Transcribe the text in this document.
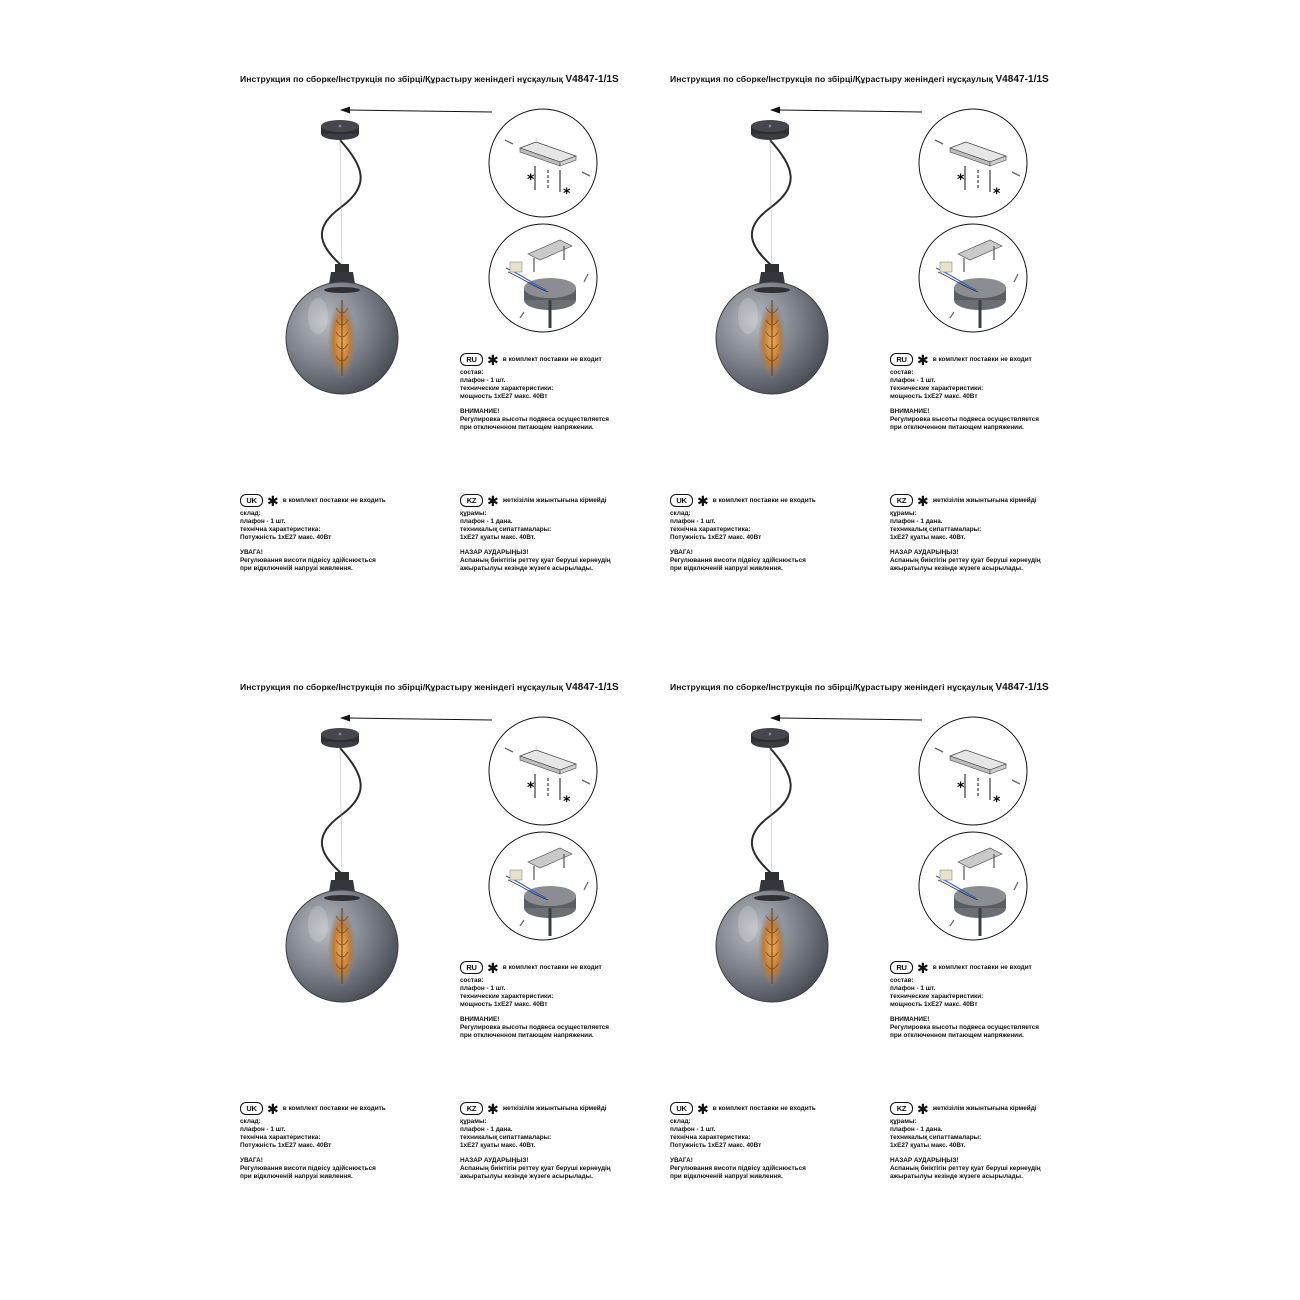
Инструкция по сборке/Інструкція по збірці/Құрастыру женіндегі нұсқаулық V4847-1/1S
*
*
RU ✱ в комплект поставки не входит
состав:
плафон - 1 шт.
технические характеристики:
мощность 1хЕ27 макс. 40Вт
ВНИМАНИЕ!
Регулировка высоты подвеса осуществляется
при отключенном питающем напряжении.
UK ✱ в комплект поставки не входить
склад:
плафон - 1 шт.
технічна характеристика:
Потужність 1хЕ27 макс. 40Вт
УВАГА!
Регулювання висоти підвісу здійснюється
при відключеній напрузі живлення.
KZ ✱ жеткізілім жиынтығына кірмейді
құрамы:
плафон - 1 дана.
техникалық сипаттамалары:
1хЕ27 қуаты макс. 40Вт.
НАЗАР АУДАРЫҢЫЗ!
Аспаның биіктігін реттеу қуат беруші кернеудің
ажыратылуы кезінде жүзеге асырылады.
Инструкция по сборке/Інструкція по збірці/Құрастыру женіндегі нұсқаулық V4847-1/1S
*
*
RU ✱ в комплект поставки не входит
состав:
плафон - 1 шт.
технические характеристики:
мощность 1хЕ27 макс. 40Вт
ВНИМАНИЕ!
Регулировка высоты подвеса осуществляется
при отключенном питающем напряжении.
UK ✱ в комплект поставки не входить
склад:
плафон - 1 шт.
технічна характеристика:
Потужність 1хЕ27 макс. 40Вт
УВАГА!
Регулювання висоти підвісу здійснюється
при відключеній напрузі живлення.
KZ ✱ жеткізілім жиынтығына кірмейді
құрамы:
плафон - 1 дана.
техникалық сипаттамалары:
1хЕ27 қуаты макс. 40Вт.
НАЗАР АУДАРЫҢЫЗ!
Аспаның биіктігін реттеу қуат беруші кернеудің
ажыратылуы кезінде жүзеге асырылады.
Инструкция по сборке/Інструкція по збірці/Құрастыру женіндегі нұсқаулық V4847-1/1S
*
*
RU ✱ в комплект поставки не входит
состав:
плафон - 1 шт.
технические характеристики:
мощность 1хЕ27 макс. 40Вт
ВНИМАНИЕ!
Регулировка высоты подвеса осуществляется
при отключенном питающем напряжении.
UK ✱ в комплект поставки не входить
склад:
плафон - 1 шт.
технічна характеристика:
Потужність 1хЕ27 макс. 40Вт
УВАГА!
Регулювання висоти підвісу здійснюється
при відключеній напрузі живлення.
KZ ✱ жеткізілім жиынтығына кірмейді
құрамы:
плафон - 1 дана.
техникалық сипаттамалары:
1хЕ27 қуаты макс. 40Вт.
НАЗАР АУДАРЫҢЫЗ!
Аспаның биіктігін реттеу қуат беруші кернеудің
ажыратылуы кезінде жүзеге асырылады.
Инструкция по сборке/Інструкція по збірці/Құрастыру женіндегі нұсқаулық V4847-1/1S
*
*
RU ✱ в комплект поставки не входит
состав:
плафон - 1 шт.
технические характеристики:
мощность 1хЕ27 макс. 40Вт
ВНИМАНИЕ!
Регулировка высоты подвеса осуществляется
при отключенном питающем напряжении.
UK ✱ в комплект поставки не входить
склад:
плафон - 1 шт.
технічна характеристика:
Потужність 1хЕ27 макс. 40Вт
УВАГА!
Регулювання висоти підвісу здійснюється
при відключеній напрузі живлення.
KZ ✱ жеткізілім жиынтығына кірмейді
құрамы:
плафон - 1 дана.
техникалық сипаттамалары:
1хЕ27 қуаты макс. 40Вт.
НАЗАР АУДАРЫҢЫЗ!
Аспаның биіктігін реттеу қуат беруші кернеудің
ажыратылуы кезінде жүзеге асырылады.
